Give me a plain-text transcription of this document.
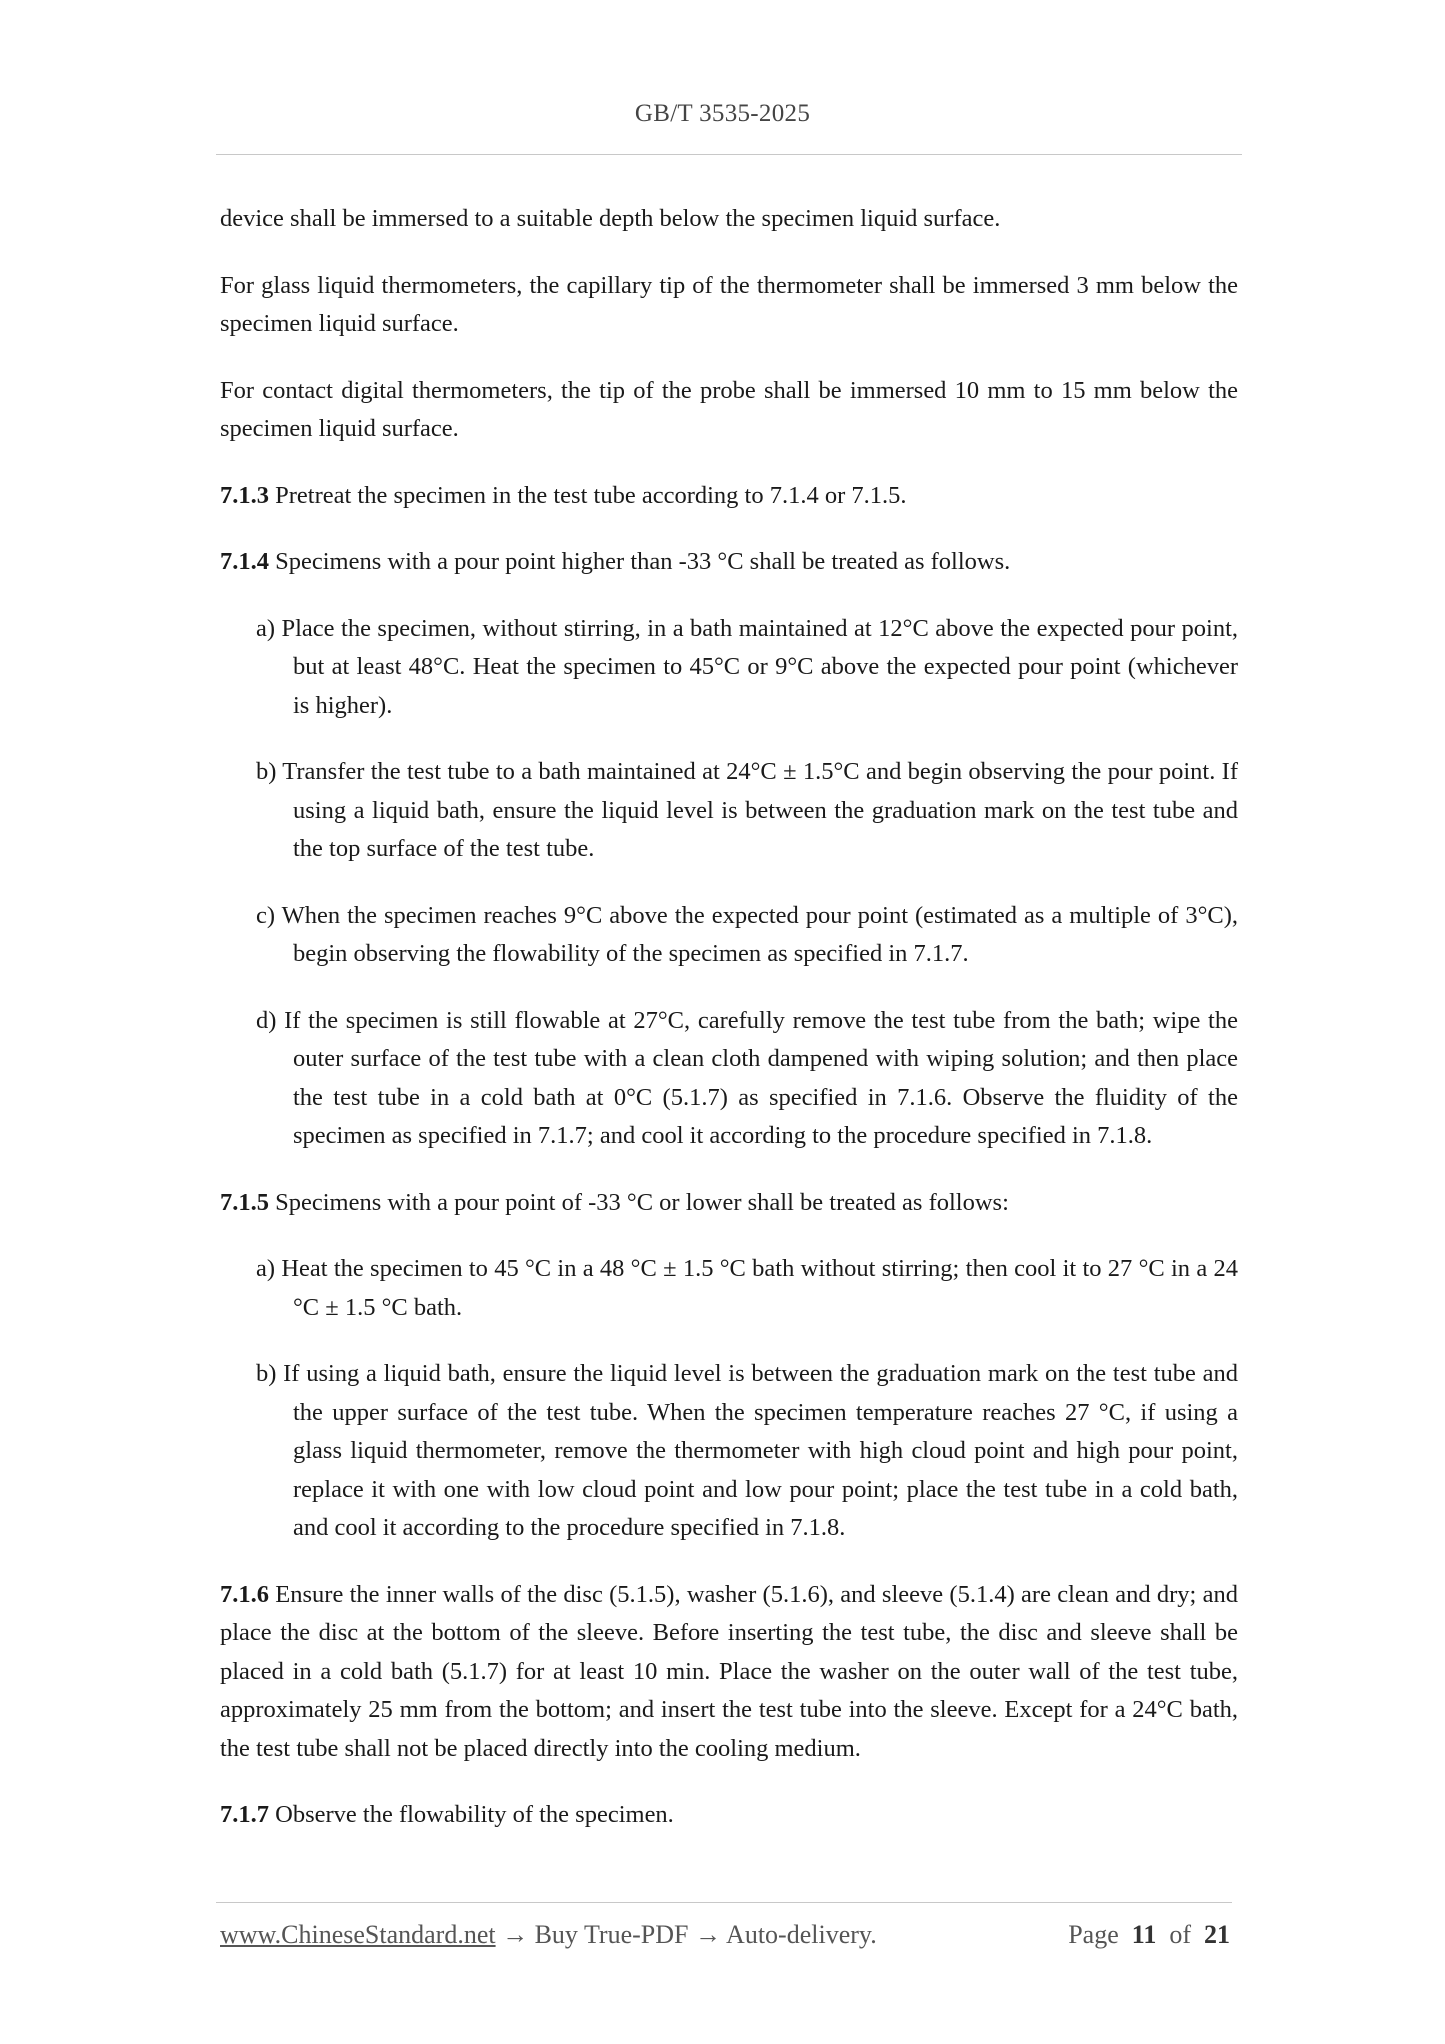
GB/T 3535-2025

device shall be immersed to a suitable depth below the specimen liquid surface.

For glass liquid thermometers, the capillary tip of the thermometer shall be immersed 3 mm below the specimen liquid surface.

For contact digital thermometers, the tip of the probe shall be immersed 10 mm to 15 mm below the specimen liquid surface.

7.1.3 Pretreat the specimen in the test tube according to 7.1.4 or 7.1.5.

7.1.4 Specimens with a pour point higher than -33 °C shall be treated as follows.

a) Place the specimen, without stirring, in a bath maintained at 12°C above the expected pour point, but at least 48°C. Heat the specimen to 45°C or 9°C above the expected pour point (whichever is higher).

b) Transfer the test tube to a bath maintained at 24°C ± 1.5°C and begin observing the pour point. If using a liquid bath, ensure the liquid level is between the graduation mark on the test tube and the top surface of the test tube.

c) When the specimen reaches 9°C above the expected pour point (estimated as a multiple of 3°C), begin observing the flowability of the specimen as specified in 7.1.7.

d) If the specimen is still flowable at 27°C, carefully remove the test tube from the bath; wipe the outer surface of the test tube with a clean cloth dampened with wiping solution; and then place the test tube in a cold bath at 0°C (5.1.7) as specified in 7.1.6. Observe the fluidity of the specimen as specified in 7.1.7; and cool it according to the procedure specified in 7.1.8.

7.1.5 Specimens with a pour point of -33 °C or lower shall be treated as follows:

a) Heat the specimen to 45 °C in a 48 °C ± 1.5 °C bath without stirring; then cool it to 27 °C in a 24 °C ± 1.5 °C bath.

b) If using a liquid bath, ensure the liquid level is between the graduation mark on the test tube and the upper surface of the test tube. When the specimen temperature reaches 27 °C, if using a glass liquid thermometer, remove the thermometer with high cloud point and high pour point, replace it with one with low cloud point and low pour point; place the test tube in a cold bath, and cool it according to the procedure specified in 7.1.8.

7.1.6 Ensure the inner walls of the disc (5.1.5), washer (5.1.6), and sleeve (5.1.4) are clean and dry; and place the disc at the bottom of the sleeve. Before inserting the test tube, the disc and sleeve shall be placed in a cold bath (5.1.7) for at least 10 min. Place the washer on the outer wall of the test tube, approximately 25 mm from the bottom; and insert the test tube into the sleeve. Except for a 24°C bath, the test tube shall not be placed directly into the cooling medium.

7.1.7 Observe the flowability of the specimen.

www.ChineseStandard.net → Buy True-PDF → Auto-delivery.	Page 11 of 21
